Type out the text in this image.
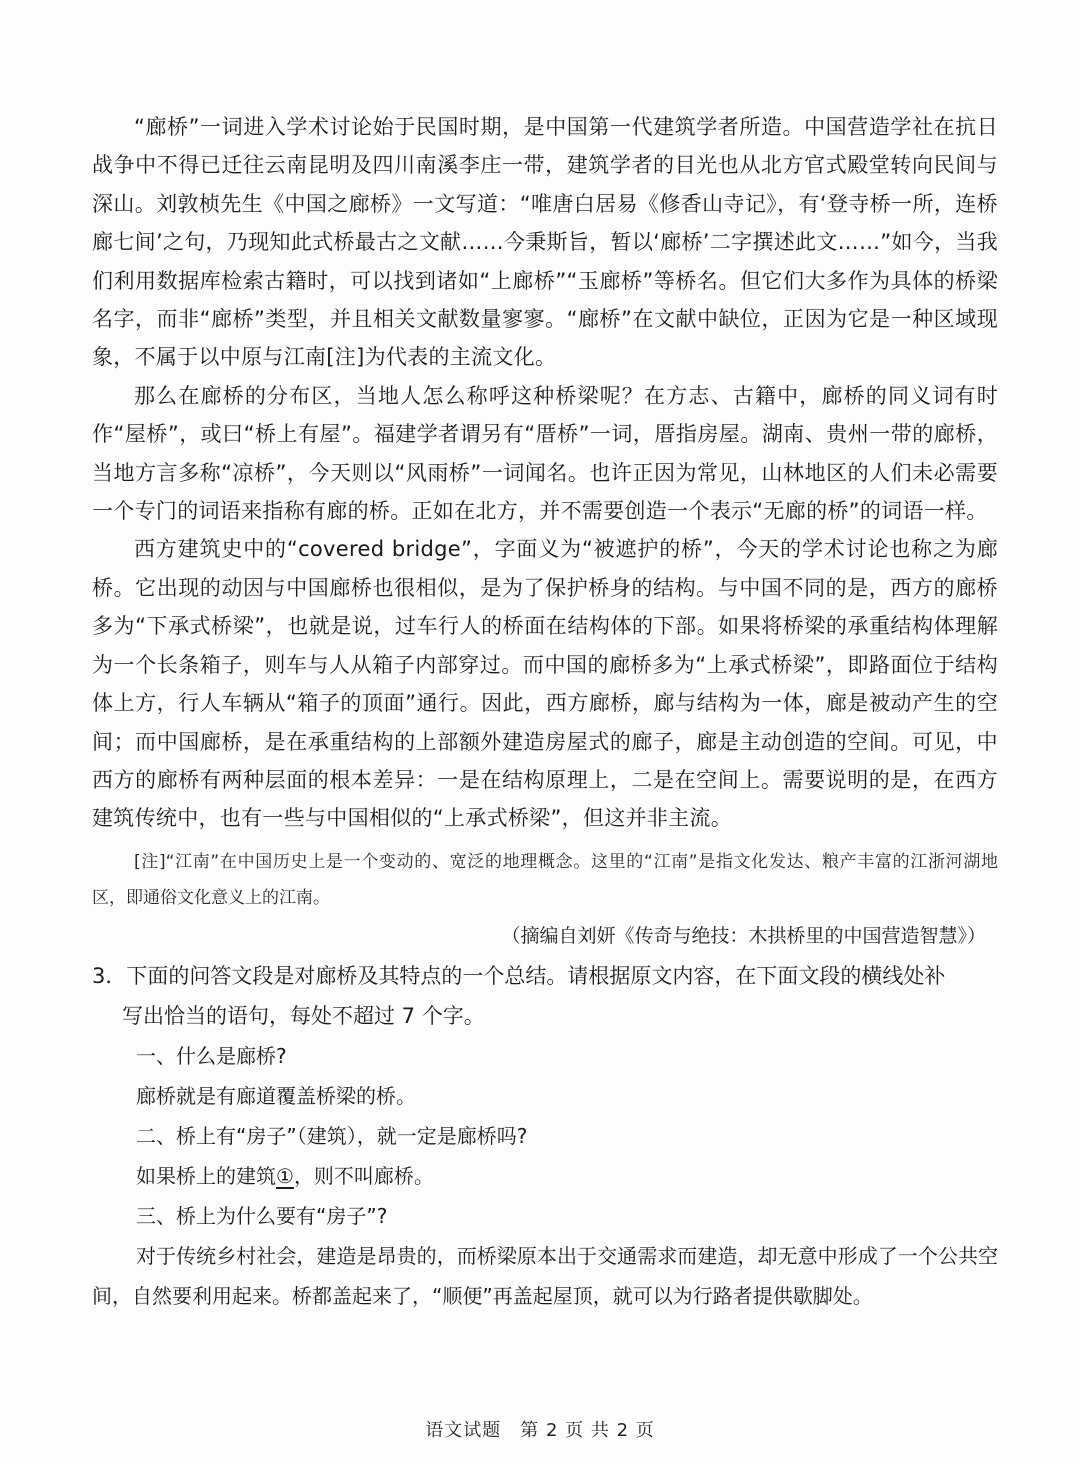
“廊桥”一词进入学术讨论始于民国时期，是中国第一代建筑学者所造。中国营造学社在抗日战争中不得已迁往云南昆明及四川南溪李庄一带，建筑学者的目光也从北方官式殿堂转向民间与深山。刘敦桢先生《中国之廊桥》一文写道：“唯唐白居易《修香山寺记》，有‘登寺桥一所，连桥廊七间’之句，乃现知此式桥最古之文献……今秉斯旨，暂以‘廊桥’二字撰述此文……”如今，当我们利用数据库检索古籍时，可以找到诸如“上廊桥”“玉廊桥”等桥名。但它们大多作为具体的桥梁名字，而非“廊桥”类型，并且相关文献数量寥寥。“廊桥”在文献中缺位，正因为它是一种区域现象，不属于以中原与江南[注]为代表的主流文化。

那么在廊桥的分布区，当地人怎么称呼这种桥梁呢？在方志、古籍中，廊桥的同义词有时作“屋桥”，或曰“桥上有屋”。福建学者谓另有“厝桥”一词，厝指房屋。湖南、贵州一带的廊桥，当地方言多称“凉桥”，今天则以“风雨桥”一词闻名。也许正因为常见，山林地区的人们未必需要一个专门的词语来指称有廊的桥。正如在北方，并不需要创造一个表示“无廊的桥”的词语一样。

西方建筑史中的“covered bridge”，字面义为“被遮护的桥”，今天的学术讨论也称之为廊桥。它出现的动因与中国廊桥也很相似，是为了保护桥身的结构。与中国不同的是，西方的廊桥多为“下承式桥梁”，也就是说，过车行人的桥面在结构体的下部。如果将桥梁的承重结构体理解为一个长条箱子，则车与人从箱子内部穿过。而中国的廊桥多为“上承式桥梁”，即路面位于结构体上方，行人车辆从“箱子的顶面”通行。因此，西方廊桥，廊与结构为一体，廊是被动产生的空间；而中国廊桥，是在承重结构的上部额外建造房屋式的廊子，廊是主动创造的空间。可见，中西方的廊桥有两种层面的根本差异：一是在结构原理上，二是在空间上。需要说明的是，在西方建筑传统中，也有一些与中国相似的“上承式桥梁”，但这并非主流。

[注]“江南”在中国历史上是一个变动的、宽泛的地理概念。这里的“江南”是指文化发达、粮产丰富的江浙河湖地区，即通俗文化意义上的江南。

（摘编自刘妍《传奇与绝技：木拱桥里的中国营造智慧》）

3．下面的问答文段是对廊桥及其特点的一个总结。请根据原文内容，在下面文段的横线处补

写出恰当的语句，每处不超过 7 个字。

一、什么是廊桥?

廊桥就是有廊道覆盖桥梁的桥。

二、桥上有“房子”（建筑），就一定是廊桥吗?

如果桥上的建筑①，则不叫廊桥。

三、桥上为什么要有“房子”?

对于传统乡村社会，建造是昂贵的，而桥梁原本出于交通需求而建造，却无意中形成了一个公共空间，自然要利用起来。桥都盖起来了，“顺便”再盖起屋顶，就可以为行路者提供歇脚处。

语文试题　第 2 页 共 2 页
